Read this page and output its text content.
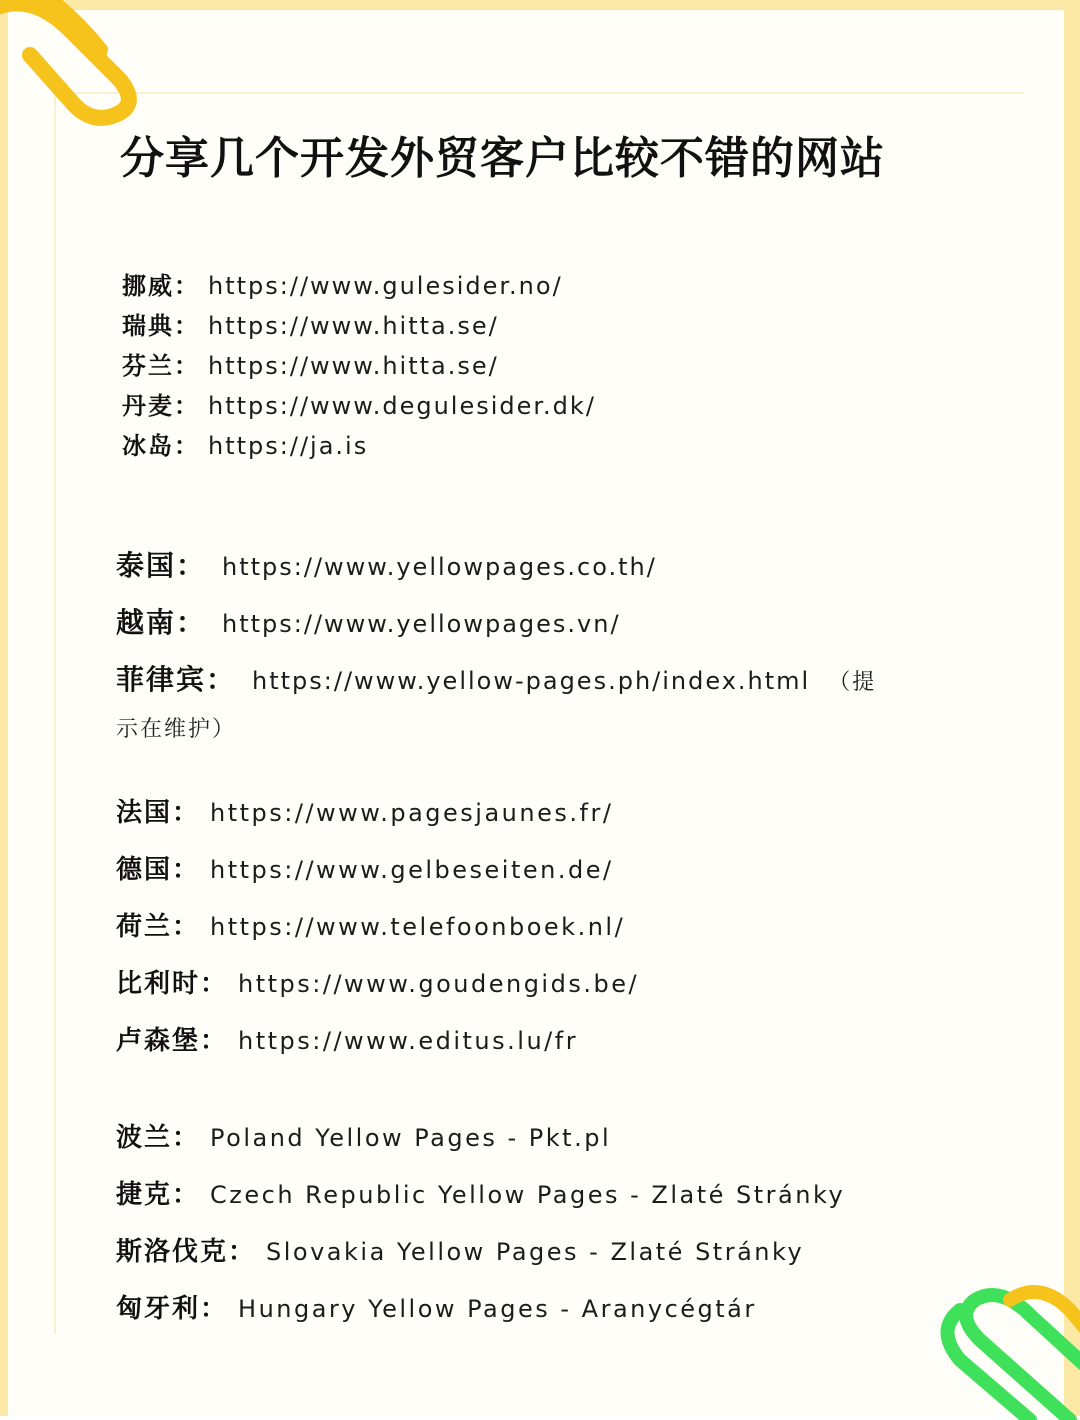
分享几个开发外贸客户比较不错的网站
挪威： https://www.gulesider.no/
瑞典： https://www.hitta.se/
芬兰： https://www.hitta.se/
丹麦： https://www.degulesider.dk/
冰岛： https://ja.is
泰国： https://www.yellowpages.co.th/
越南： https://www.yellowpages.vn/
菲律宾： https://www.yellow-pages.ph/index.html （提
示在维护）
法国： https://www.pagesjaunes.fr/
德国： https://www.gelbeseiten.de/
荷兰： https://www.telefoonboek.nl/
比利时： https://www.goudengids.be/
卢森堡： https://www.editus.lu/fr
波兰： Poland Yellow Pages - Pkt.pl
捷克： Czech Republic Yellow Pages - Zlaté Stránky
斯洛伐克： Slovakia Yellow Pages - Zlaté Stránky
匈牙利： Hungary Yellow Pages - Aranycégtár
